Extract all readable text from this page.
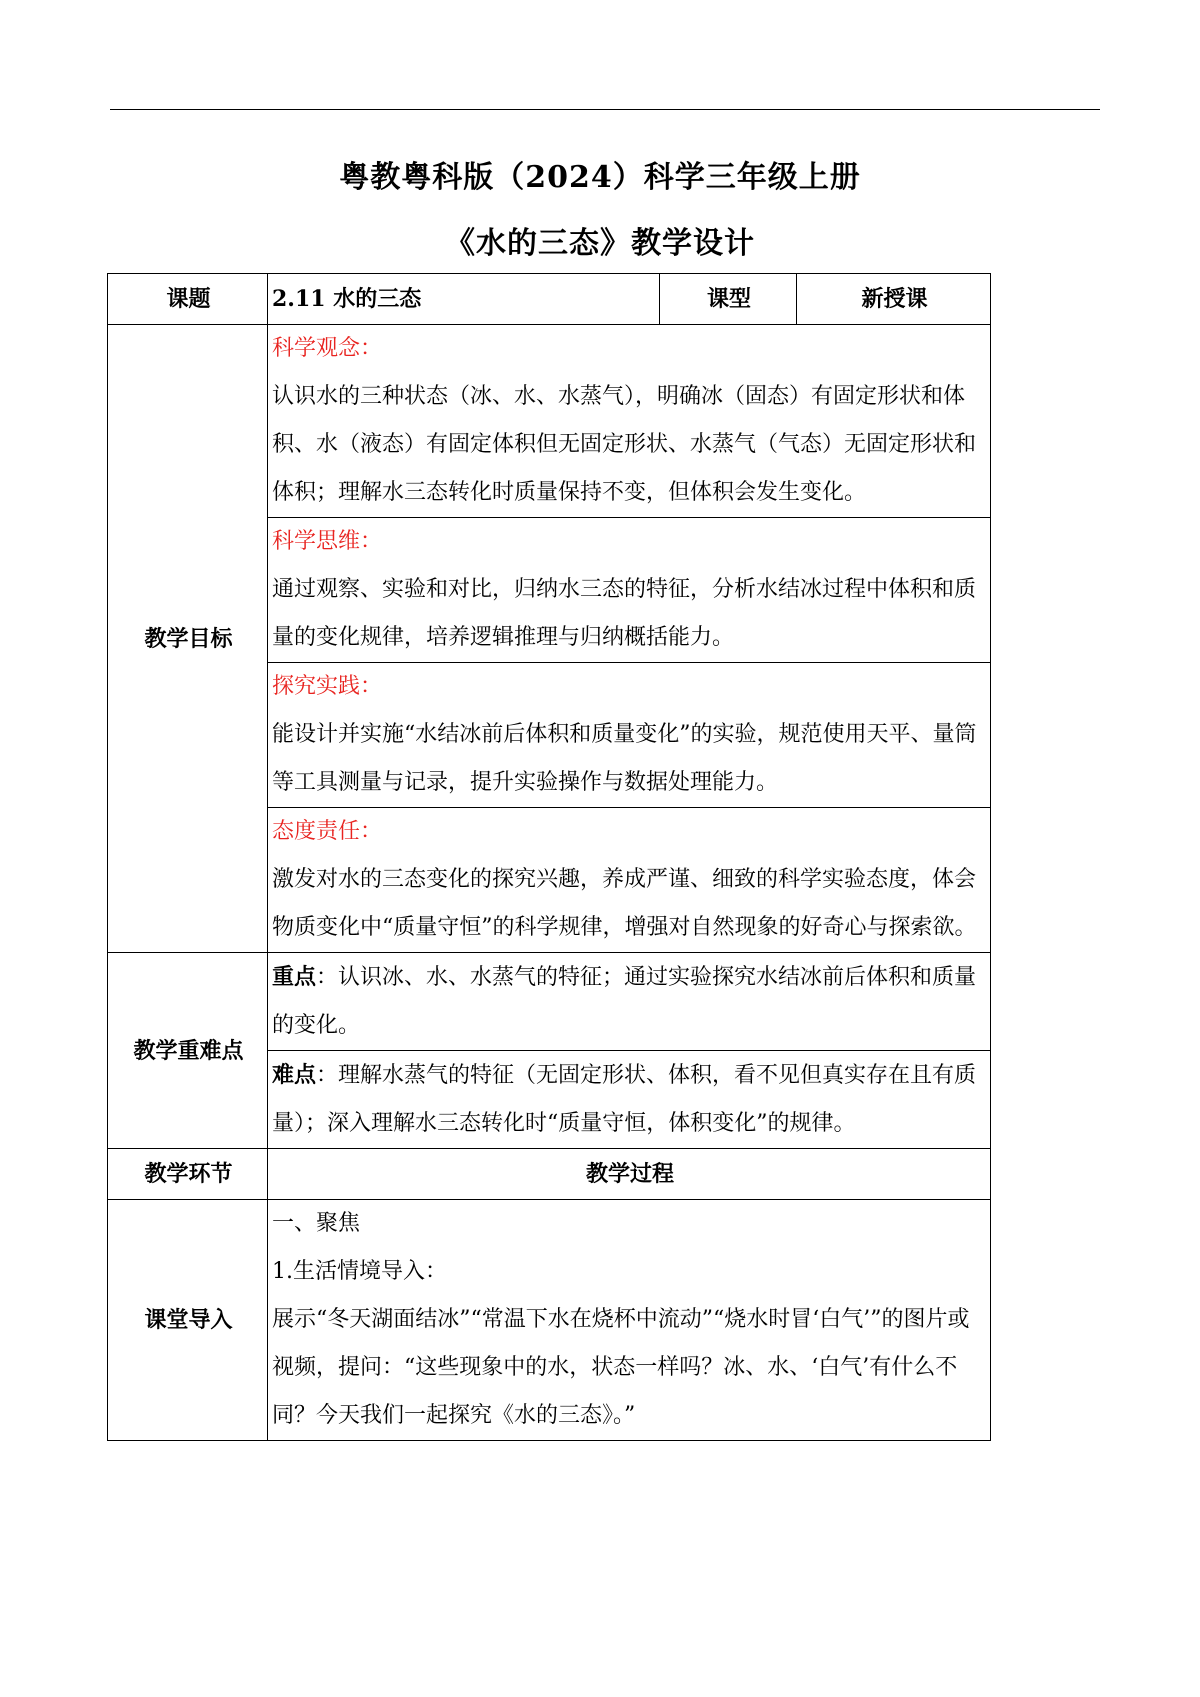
粤教粤科版（2024）科学三年级上册
《水的三态》教学设计
课题	2.11 水的三态	课型	新授课
教学目标	科学观念：
认识水的三种状态（冰、水、水蒸气），明确冰（固态）有固定形状和体积、水（液态）有固定体积但无固定形状、水蒸气（气态）无固定形状和体积；理解水三态转化时质量保持不变，但体积会发生变化。		

	科学思维：
通过观察、实验和对比，归纳水三态的特征，分析水结冰过程中体积和质量的变化规律，培养逻辑推理与归纳概括能力。		

	探究实践：
能设计并实施“水结冰前后体积和质量变化”的实验，规范使用天平、量筒等工具测量与记录，提升实验操作与数据处理能力。		

	态度责任：
激发对水的三态变化的探究兴趣，养成严谨、细致的科学实验态度，体会物质变化中“质量守恒”的科学规律，增强对自然现象的好奇心与探索欲。		

教学重难点	重点：认识冰、水、水蒸气的特征；通过实验探究水结冰前后体积和质量的变化。		
	难点：理解水蒸气的特征（无固定形状、体积，看不见但真实存在且有质量）；深入理解水三态转化时“质量守恒，体积变化”的规律。		
教学环节	教学过程		
课堂导入	一、聚焦
1.生活情境导入：
展示“冬天湖面结冰”“常温下水在烧杯中流动”“烧水时冒‘白气’”的图片或视频，提问：“这些现象中的水，状态一样吗？冰、水、‘白气’有什么不同？今天我们一起探究《水的三态》。”		
